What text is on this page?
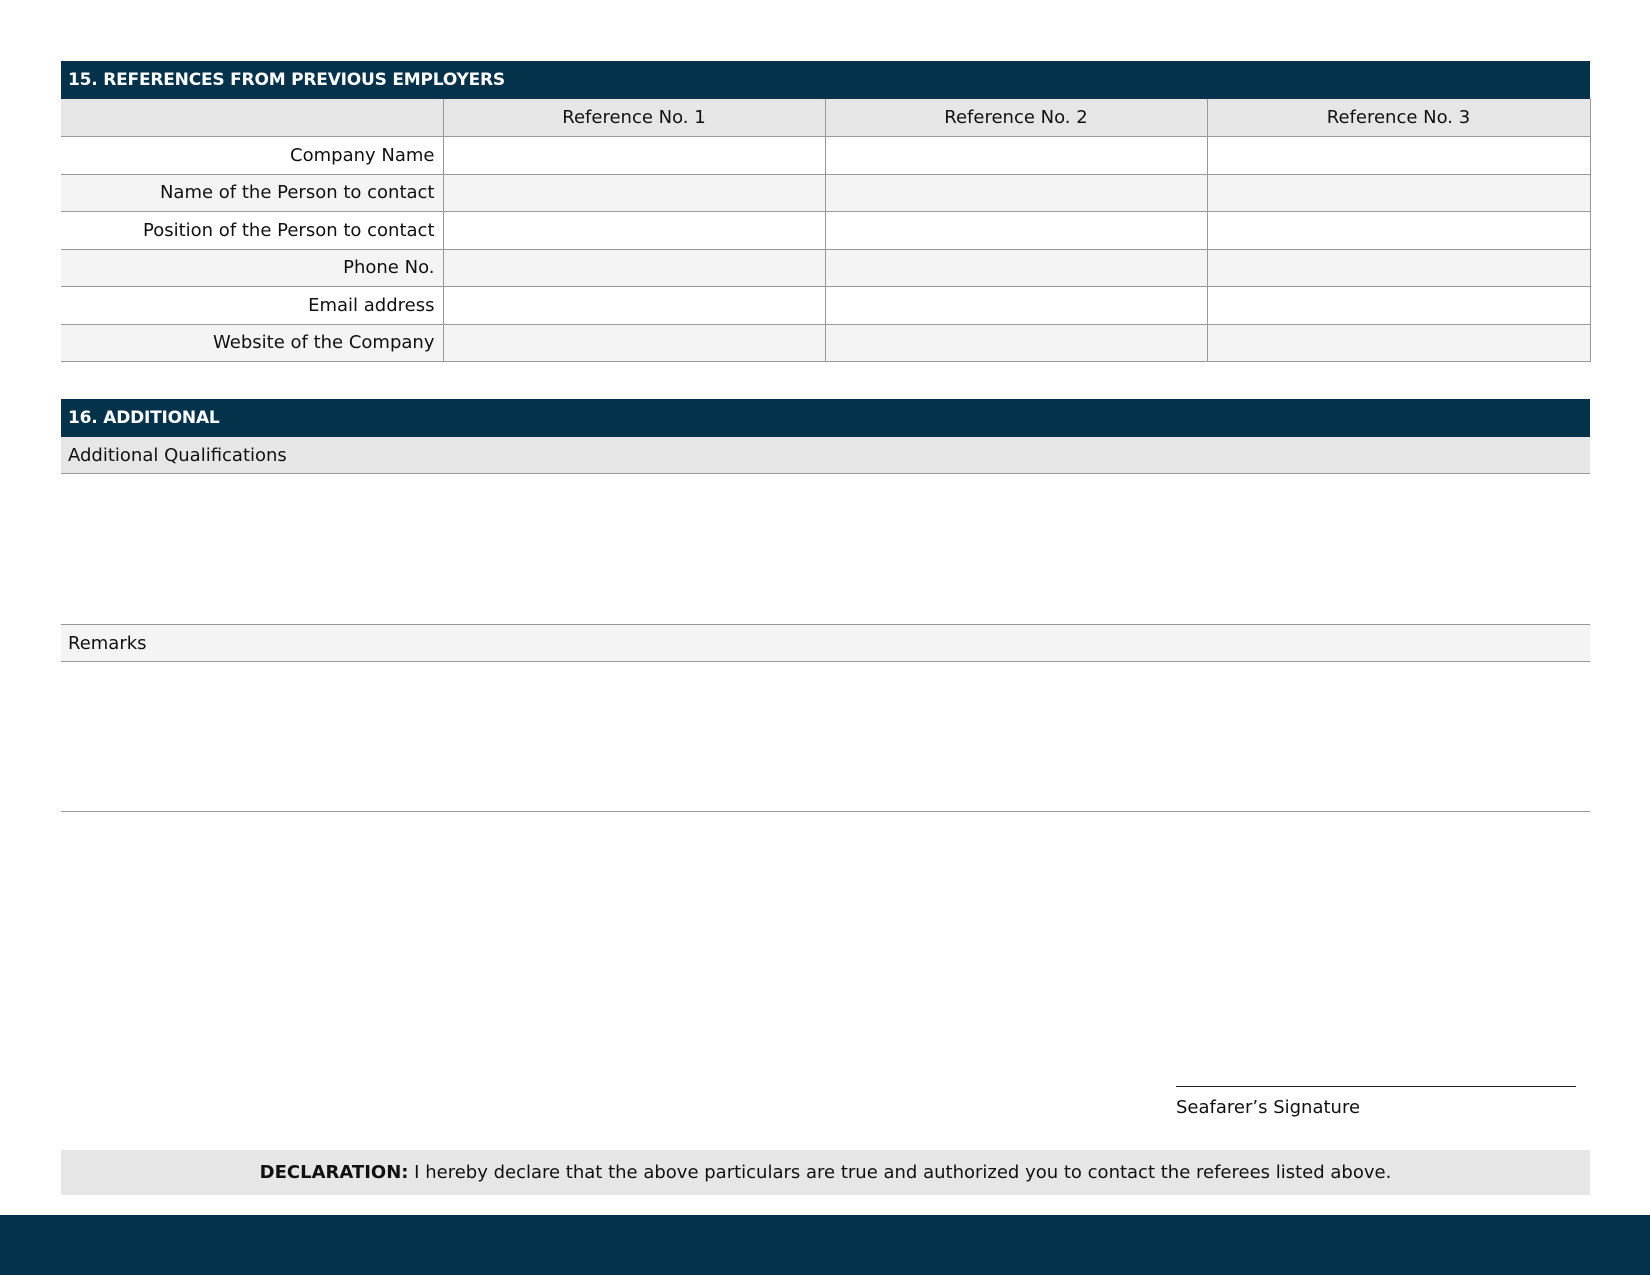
15. REFERENCES FROM PREVIOUS EMPLOYERS
	Reference No. 1	Reference No. 2	Reference No. 3
Company Name			
Name of the Person to contact			
Position of the Person to contact			
Phone No.			
Email address			
Website of the Company			
16. ADDITIONAL
Additional Qualifications
Remarks
Seafarer’s Signature
DECLARATION: I hereby declare that the above particulars are true and authorized you to contact the referees listed above.
